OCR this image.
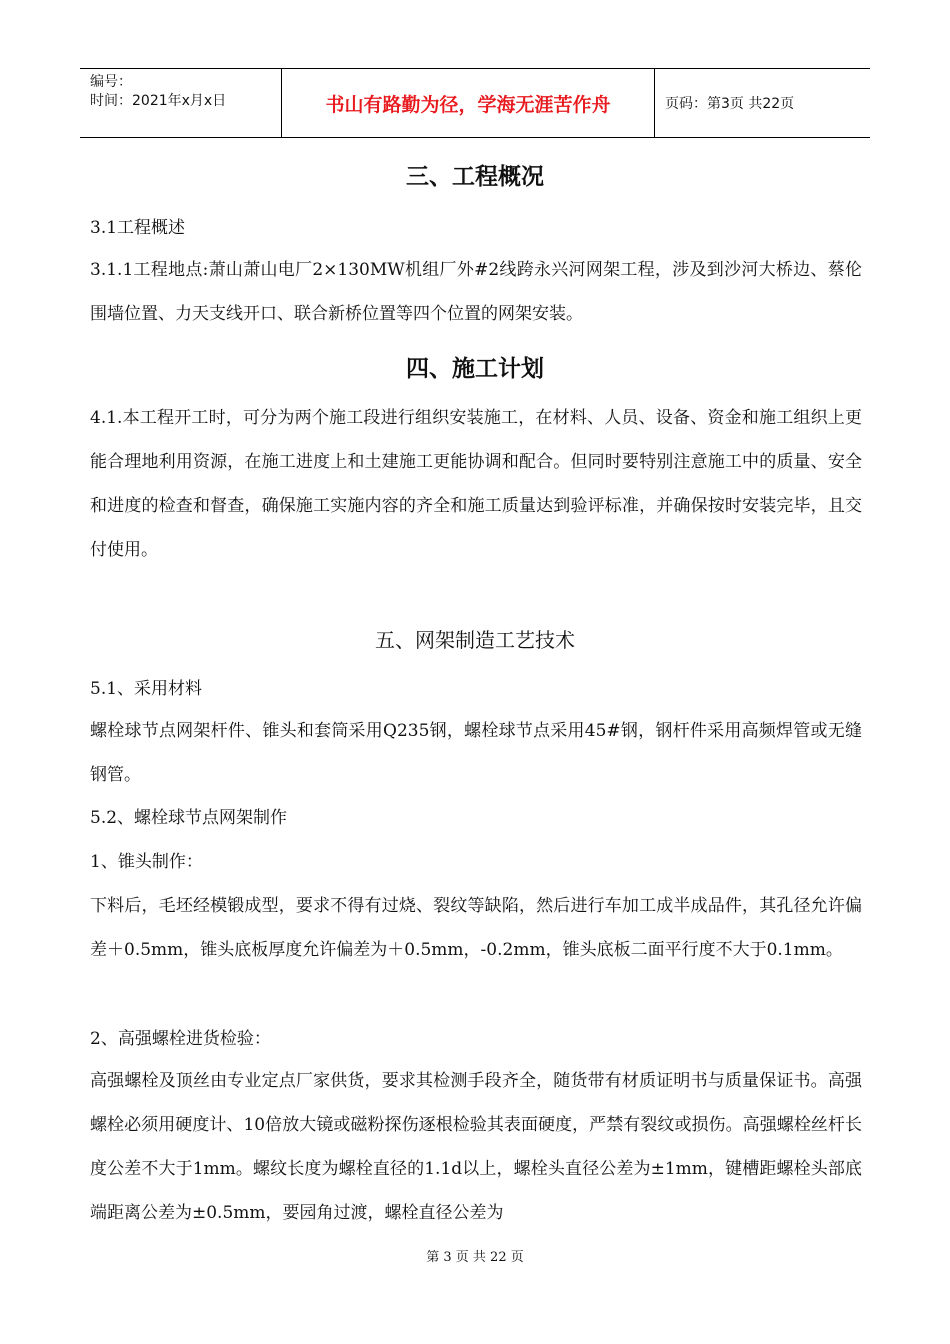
编号：
时间：2021年x月x日	书山有路勤为径，学海无涯苦作舟	页码：第3页 共22页
三、工程概况

3.1工程概述

3.1.1工程地点:萧山萧山电厂2×130MW机组厂外#2线跨永兴河网架工程，涉及到沙河大桥边、蔡伦围墙位置、力天支线开口、联合新桥位置等四个位置的网架安装。

四、施工计划

4.1.本工程开工时，可分为两个施工段进行组织安装施工，在材料、人员、设备、资金和施工组织上更能合理地利用资源，在施工进度上和土建施工更能协调和配合。但同时要特别注意施工中的质量、安全和进度的检查和督查，确保施工实施内容的齐全和施工质量达到验评标准，并确保按时安装完毕，且交付使用。

五、网架制造工艺技术

5.1、采用材料

螺栓球节点网架杆件、锥头和套筒采用Q235钢，螺栓球节点采用45#钢，钢杆件采用高频焊管或无缝钢管。

5.2、螺栓球节点网架制作

1、锥头制作：

下料后，毛坯经模锻成型，要求不得有过烧、裂纹等缺陷，然后进行车加工成半成品件，其孔径允许偏差＋0.5mm，锥头底板厚度允许偏差为＋0.5mm，-0.2mm，锥头底板二面平行度不大于0.1mm。

2、高强螺栓进货检验：

高强螺栓及顶丝由专业定点厂家供货，要求其检测手段齐全，随货带有材质证明书与质量保证书。高强螺栓必须用硬度计、10倍放大镜或磁粉探伤逐根检验其表面硬度，严禁有裂纹或损伤。高强螺栓丝杆长度公差不大于1mm。螺纹长度为螺栓直径的1.1d以上，螺栓头直径公差为±1mm，键槽距螺栓头部底端距离公差为±0.5mm，要园角过渡，螺栓直径公差为

第 3 页 共 22 页
